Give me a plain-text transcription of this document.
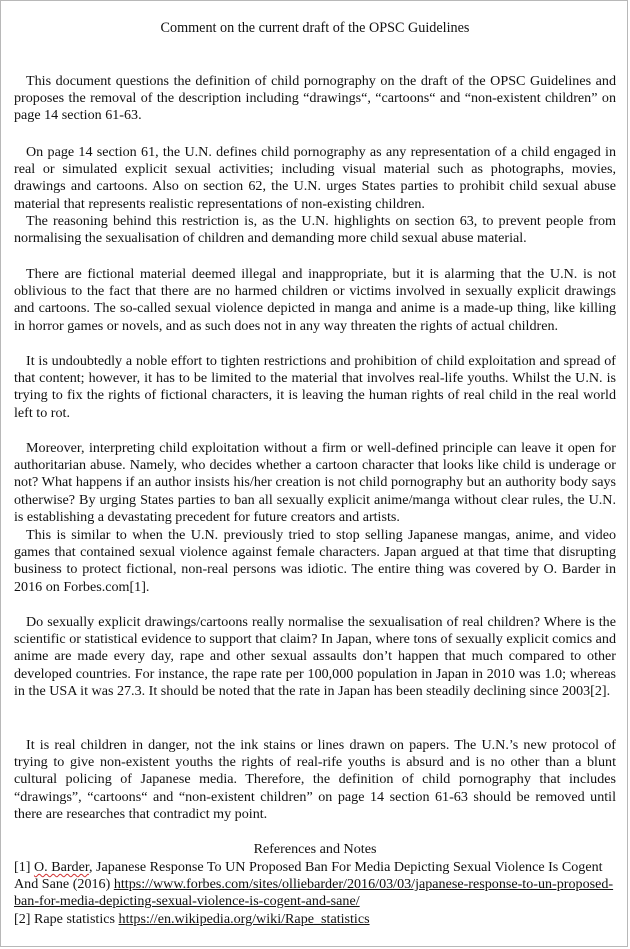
Comment on the current draft of the OPSC Guidelines

This document questions the definition of child pornography on the draft of the OPSC Guidelines and proposes the removal of the description including “drawings“, “cartoons“ and “non-existent children” on page 14 section 61-63.

On page 14 section 61, the U.N. defines child pornography as any representation of a child engaged in real or simulated explicit sexual activities; including visual material such as photographs, movies, drawings and cartoons. Also on section 62, the U.N. urges States parties to prohibit child sexual abuse material that represents realistic representations of non-existing children.

The reasoning behind this restriction is, as the U.N. highlights on section 63, to prevent people from normalising the sexualisation of children and demanding more child sexual abuse material.

There are fictional material deemed illegal and inappropriate, but it is alarming that the U.N. is not oblivious to the fact that there are no harmed children or victims involved in sexually explicit drawings and cartoons. The so-called sexual violence depicted in manga and anime is a made-up thing, like killing in horror games or novels, and as such does not in any way threaten the rights of actual children.

It is undoubtedly a noble effort to tighten restrictions and prohibition of child exploitation and spread of that content; however, it has to be limited to the material that involves real-life youths. Whilst the U.N. is trying to fix the rights of fictional characters, it is leaving the human rights of real child in the real world left to rot.

Moreover, interpreting child exploitation without a firm or well-defined principle can leave it open for authoritarian abuse. Namely, who decides whether a cartoon character that looks like child is underage or not? What happens if an author insists his/her creation is not child pornography but an authority body says otherwise? By urging States parties to ban all sexually explicit anime/manga without clear rules, the U.N. is establishing a devastating precedent for future creators and artists.

This is similar to when the U.N. previously tried to stop selling Japanese mangas, anime, and video games that contained sexual violence against female characters. Japan argued at that time that disrupting business to protect fictional, non-real persons was idiotic. The entire thing was covered by O. Barder in 2016 on Forbes.com[1].

Do sexually explicit drawings/cartoons really normalise the sexualisation of real children? Where is the scientific or statistical evidence to support that claim? In Japan, where tons of sexually explicit comics and anime are made every day, rape and other sexual assaults don’t happen that much compared to other developed countries. For instance, the rape rate per 100,000 population in Japan in 2010 was 1.0; whereas in the USA it was 27.3. It should be noted that the rate in Japan has been steadily declining since 2003[2].

It is real children in danger, not the ink stains or lines drawn on papers. The U.N.’s new protocol of trying to give non-existent youths the rights of real-rife youths is absurd and is no other than a blunt cultural policing of Japanese media. Therefore, the definition of child pornography that includes “drawings”, “cartoons“ and “non-existent children” on page 14 section 61-63 should be removed until there are researches that contradict my point.

References and Notes

[1] O. Barder, Japanese Response To UN Proposed Ban For Media Depicting Sexual Violence Is Cogent And Sane (2016) https://www.forbes.com/sites/olliebarder/2016/03/03/japanese-response-to-un-proposed-ban-for-media-depicting-sexual-violence-is-cogent-and-sane/

[2] Rape statistics https://en.wikipedia.org/wiki/Rape_statistics
